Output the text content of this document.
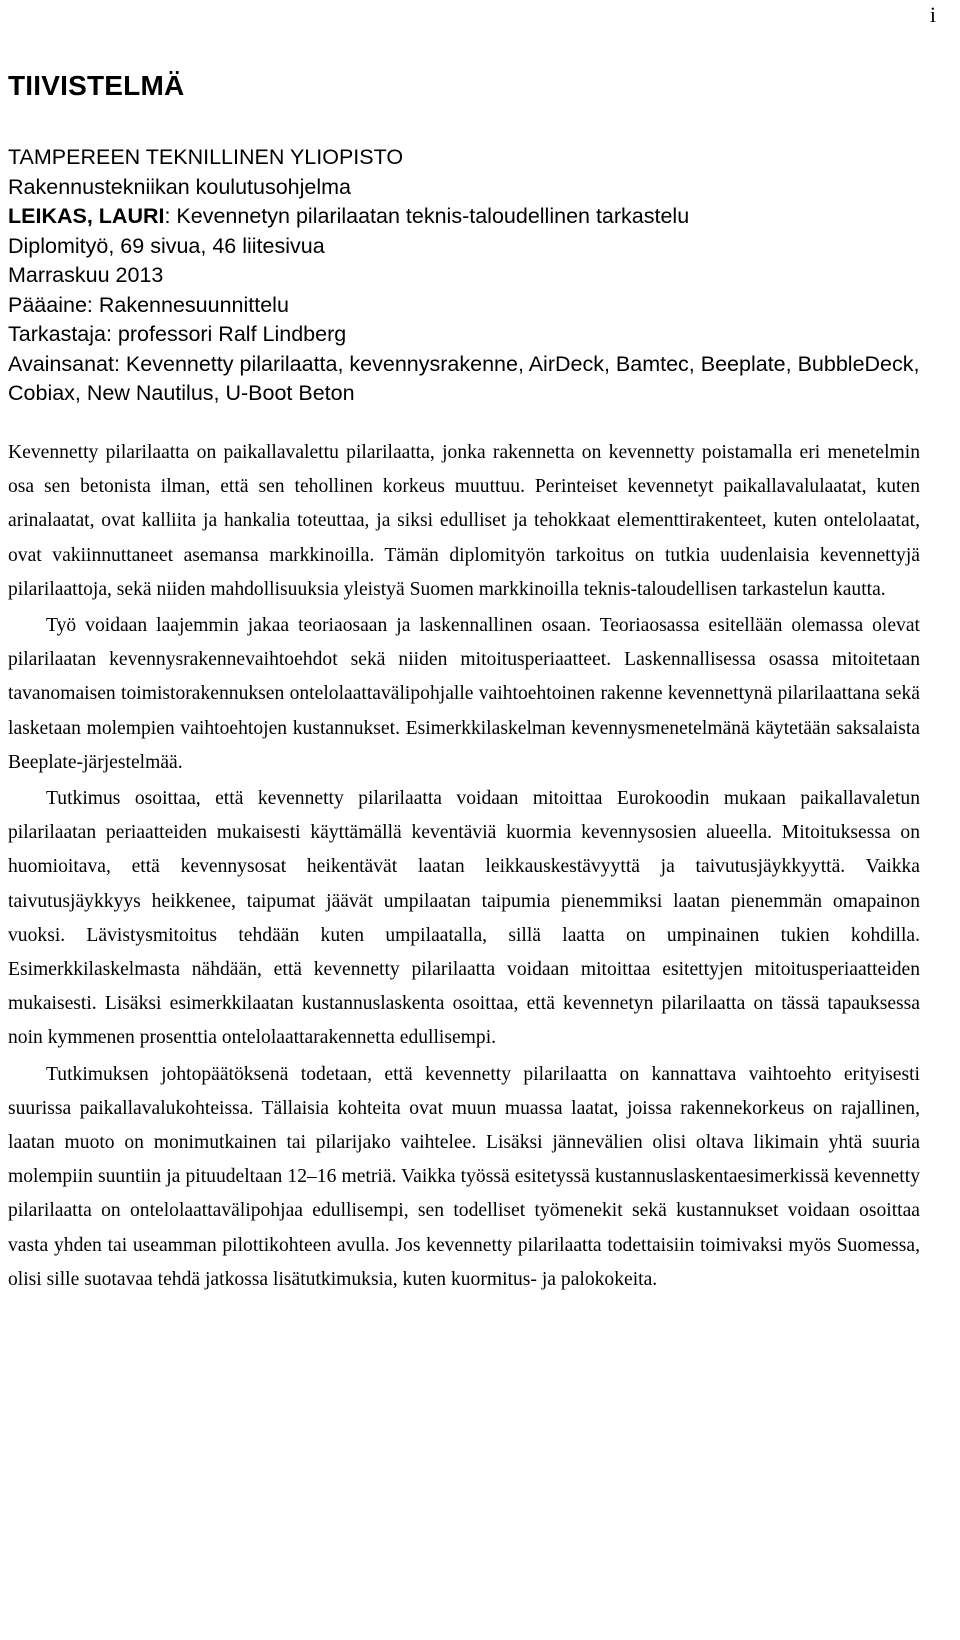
i
TIIVISTELMÄ
TAMPEREEN TEKNILLINEN YLIOPISTO
Rakennustekniikan koulutusohjelma
LEIKAS, LAURI: Kevennetyn pilarilaatan teknis-taloudellinen tarkastelu
Diplomityö, 69 sivua, 46 liitesivua
Marraskuu 2013
Pääaine: Rakennesuunnittelu
Tarkastaja: professori Ralf Lindberg
Avainsanat: Kevennetty pilarilaatta, kevennysrakenne, AirDeck, Bamtec, Beeplate, BubbleDeck, Cobiax, New Nautilus, U-Boot Beton

Kevennetty pilarilaatta on paikallavalettu pilarilaatta, jonka rakennetta on kevennetty poistamalla eri menetelmin osa sen betonista ilman, että sen tehollinen korkeus muuttuu. Perinteiset kevennetyt paikallavalulaatat, kuten arinalaatat, ovat kalliita ja hankalia toteuttaa, ja siksi edulliset ja tehokkaat elementtirakenteet, kuten ontelolaatat, ovat vakiinnuttaneet asemansa markkinoilla. Tämän diplomityön tarkoitus on tutkia uudenlaisia kevennettyjä pilarilaattoja, sekä niiden mahdollisuuksia yleistyä Suomen markkinoilla teknis-taloudellisen tarkastelun kautta.

Työ voidaan laajemmin jakaa teoriaosaan ja laskennallinen osaan. Teoriaosassa esitellään olemassa olevat pilarilaatan kevennysrakennevaihtoehdot sekä niiden mitoitusperiaatteet. Laskennallisessa osassa mitoitetaan tavanomaisen toimistorakennuksen ontelolaattavälipohjalle vaihtoehtoinen rakenne kevennettynä pilarilaattana sekä lasketaan molempien vaihtoehtojen kustannukset. Esimerkkilaskelman kevennysmenetelmänä käytetään saksalaista Beeplate-järjestelmää.

Tutkimus osoittaa, että kevennetty pilarilaatta voidaan mitoittaa Eurokoodin mukaan paikallavaletun pilarilaatan periaatteiden mukaisesti käyttämällä keventäviä kuormia kevennysosien alueella. Mitoituksessa on huomioitava, että kevennysosat heikentävät laatan leikkauskestävyyttä ja taivutusjäykkyyttä. Vaikka taivutusjäykkyys heikkenee, taipumat jäävät umpilaatan taipumia pienemmiksi laatan pienemmän omapainon vuoksi. Lävistysmitoitus tehdään kuten umpilaatalla, sillä laatta on umpinainen tukien kohdilla. Esimerkkilaskelmasta nähdään, että kevennetty pilarilaatta voidaan mitoittaa esitettyjen mitoitusperiaatteiden mukaisesti. Lisäksi esimerkkilaatan kustannuslaskenta osoittaa, että kevennetyn pilarilaatta on tässä tapauksessa noin kymmenen prosenttia ontelolaattarakennetta edullisempi.

Tutkimuksen johtopäätöksenä todetaan, että kevennetty pilarilaatta on kannattava vaihtoehto erityisesti suurissa paikallavalukohteissa. Tällaisia kohteita ovat muun muassa laatat, joissa rakennekorkeus on rajallinen, laatan muoto on monimutkainen tai pilarijako vaihtelee. Lisäksi jännevälien olisi oltava likimain yhtä suuria molempiin suuntiin ja pituudeltaan 12–16 metriä. Vaikka työssä esitetyssä kustannuslaskentaesimerkissä kevennetty pilarilaatta on ontelolaattavälipohjaa edullisempi, sen todelliset työmenekit sekä kustannukset voidaan osoittaa vasta yhden tai useamman pilottikohteen avulla. Jos kevennetty pilarilaatta todettaisiin toimivaksi myös Suomessa, olisi sille suotavaa tehdä jatkossa lisätutkimuksia, kuten kuormitus- ja palokokeita.
